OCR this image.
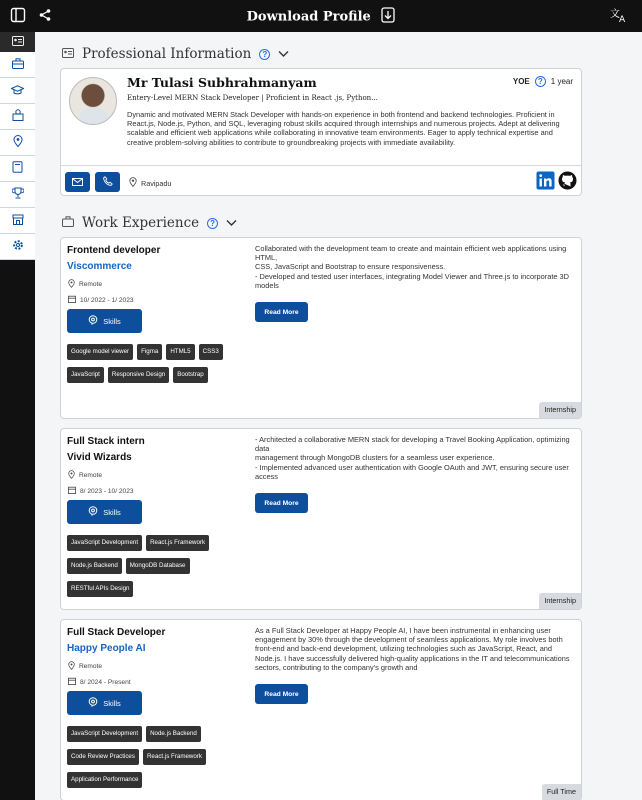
Download Profile	文 A
Professional Information	?
Mr Tulasi Subhrahmanyam
Entery-Level MERN Stack Developer | Proficient in React .js, Python...
YOE	?	1 year
Dynamic and motivated MERN Stack Developer with hands-on experience in both frontend and backend technologies. Proficient in React.js, Node.js, Python, and SQL, leveraging robust skills acquired through internships and numerous projects. Adept at delivering scalable and efficient web applications while collaborating in innovative team environments. Eager to apply technical expertise and creative problem-solving abilities to contribute to groundbreaking projects with immediate availability.
Ravipadu
Work Experience	?
Frontend developer
Viscommerce
Remote
10/ 2022 - 1/ 2023
Skills
Google model viewer	Figma	HTML5	CSS3
JavaScript	Responsive Design	Bootstrap
Collaborated with the development team to create and maintain efficient web applications using HTML,
CSS, JavaScript and Bootstrap to ensure responsiveness.
- Developed and tested user interfaces, integrating Model Viewer and Three.js to incorporate 3D models
Read More
Internship
Full Stack intern
Vivid Wizards
Remote
8/ 2023 - 10/ 2023
Skills
JavaScript Development	React.js Framework
Node.js Backend	MongoDB Database
RESTful APIs Design
- Architected a collaborative MERN stack for developing a Travel Booking Application, optimizing data
management through MongoDB clusters for a seamless user experience.
- Implemented advanced user authentication with Google OAuth and JWT, ensuring secure user access
Read More
Internship
Full Stack Developer
Happy People AI
Remote
8/ 2024 - Present
Skills
JavaScript Development	Node.js Backend
Code Review Practices	React.js Framework
Application Performance
As a Full Stack Developer at Happy People AI, I have been instrumental in enhancing user engagement by 30% through the development of seamless applications. My role involves both front-end and back-end development, utilizing technologies such as JavaScript, React, and Node.js. I have successfully delivered high-quality applications in the IT and telecommunications sectors, contributing to the company's growth and
Read More
Full Time
